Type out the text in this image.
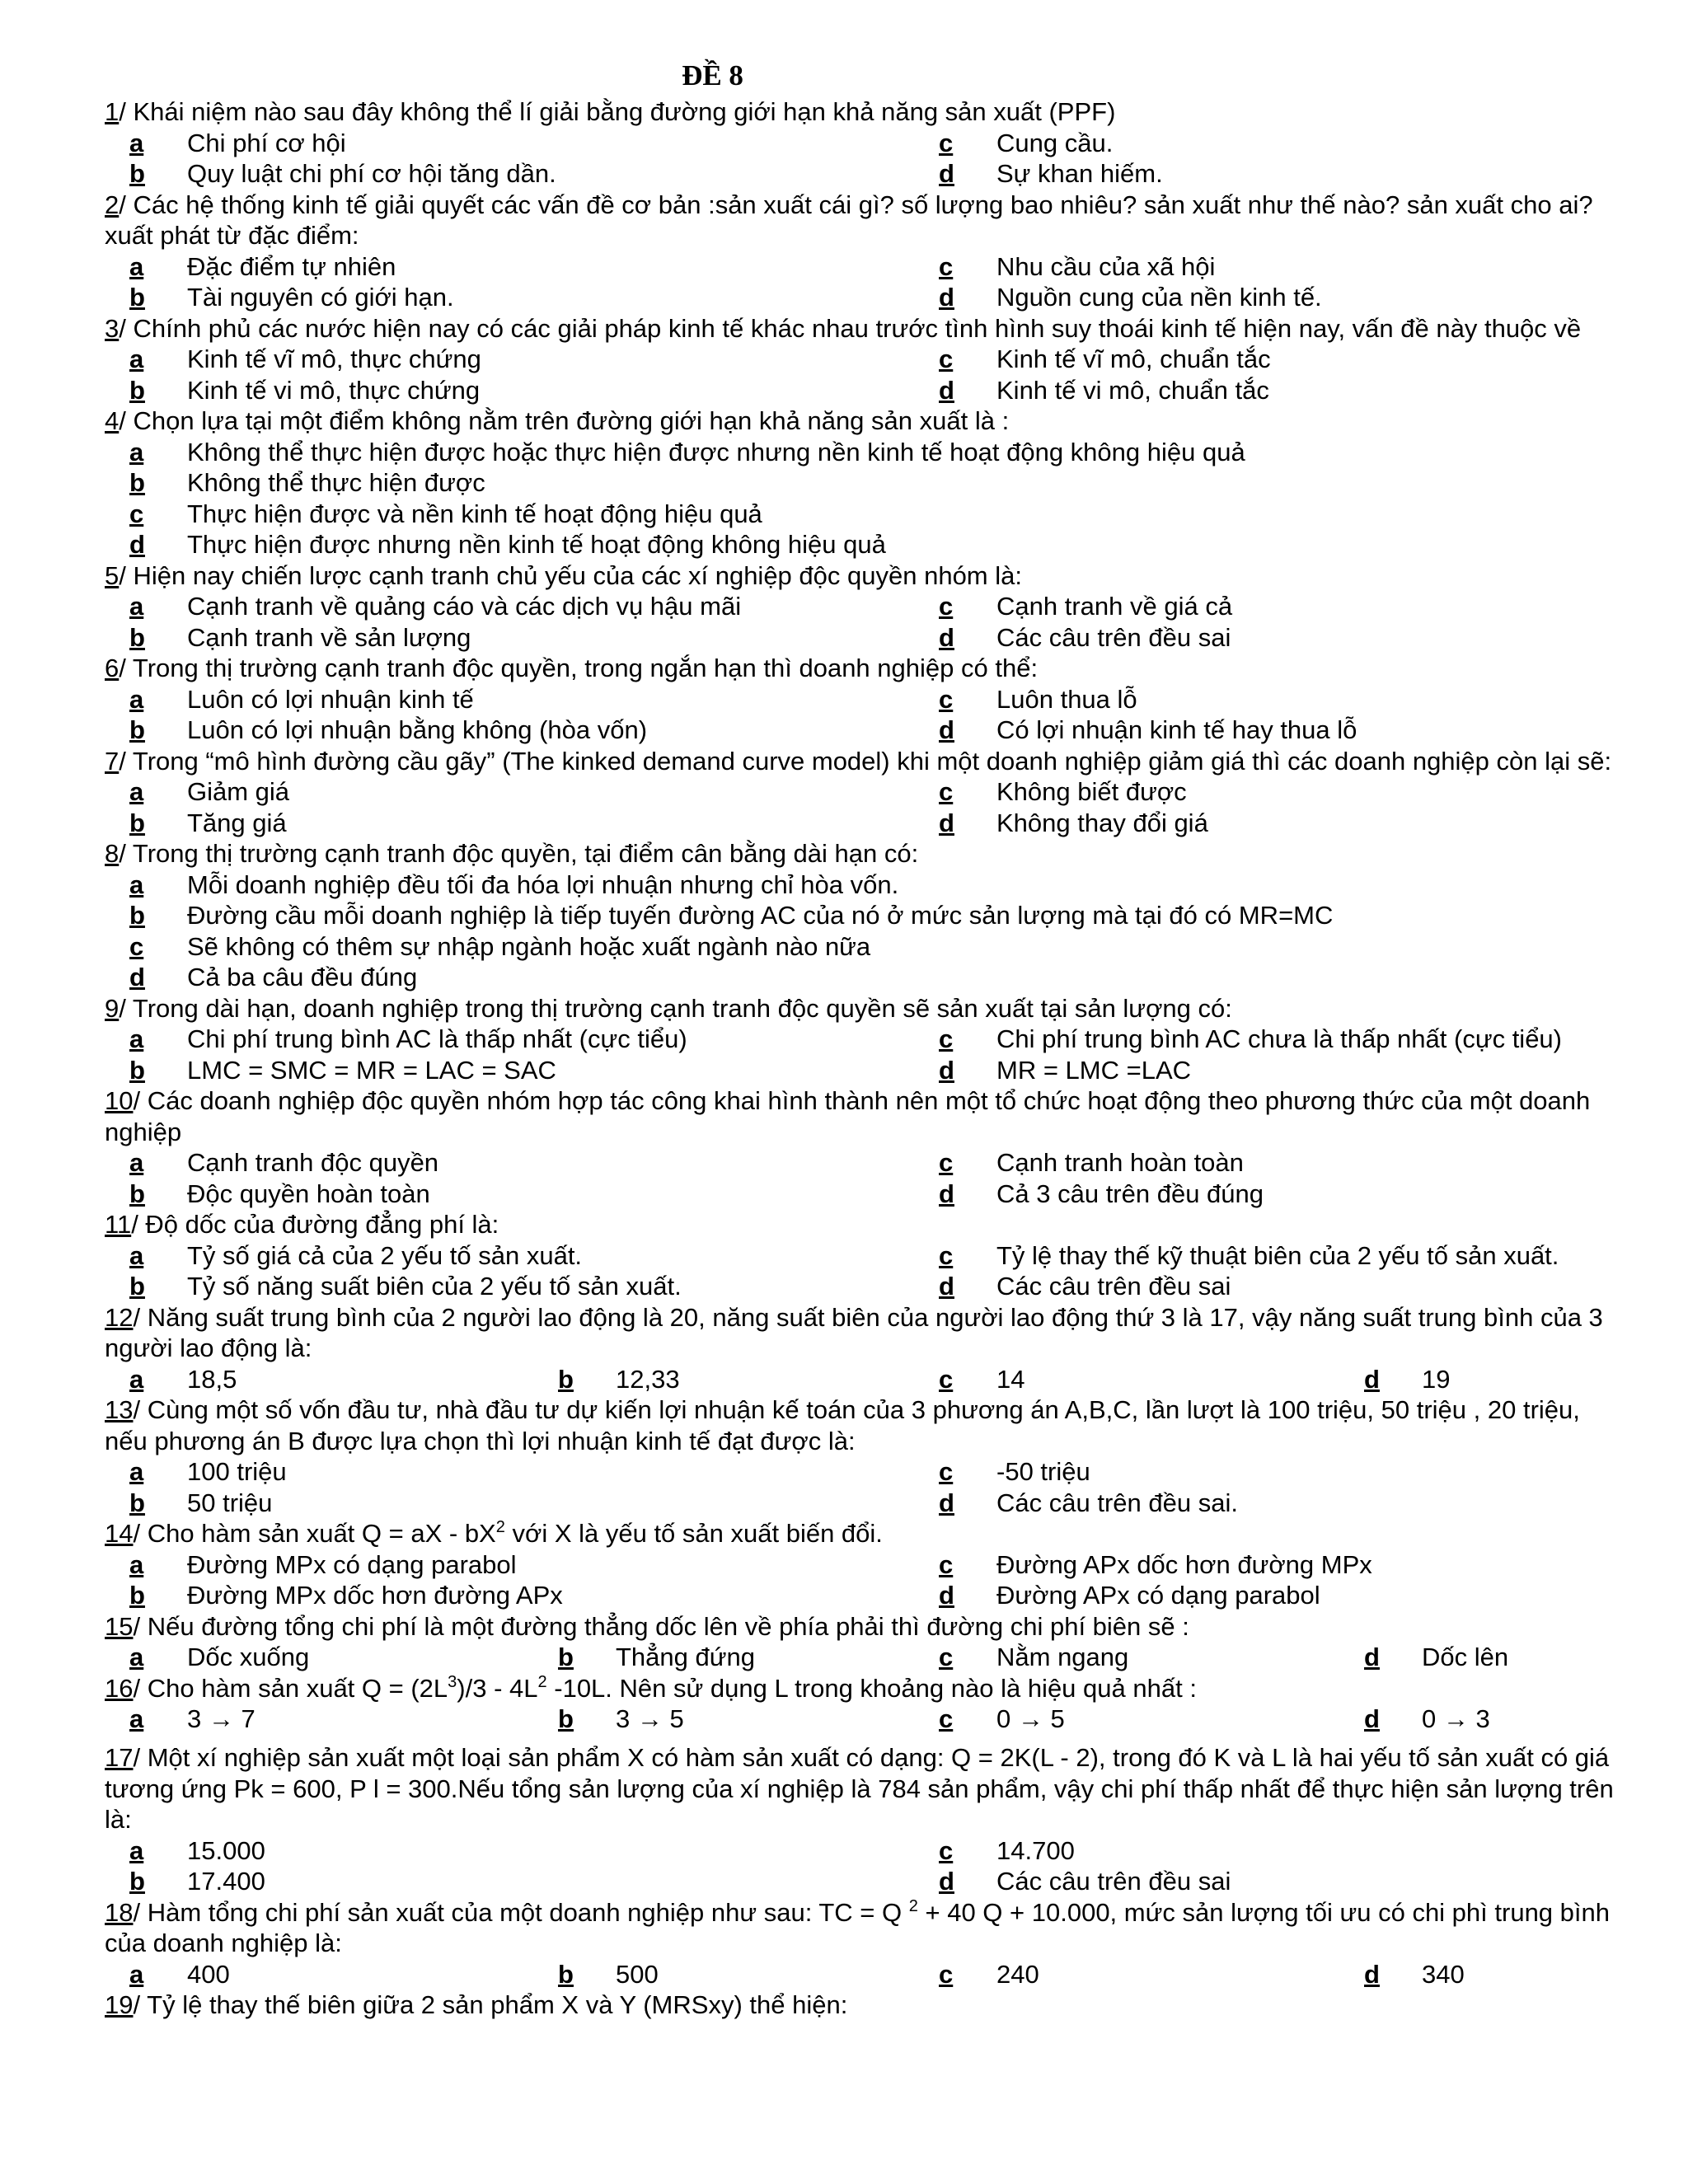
ĐỀ 8

1/ Khái niệm nào sau đây không thể lí giải bằng đường giới hạn khả năng sản xuất (PPF)

a Chi phí cơ hội	c Cung cầu.
b Quy luật chi phí cơ hội tăng dần.	d Sự khan hiếm.

2/ Các hệ thống kinh tế giải quyết các vấn đề cơ bản :sản xuất cái gì? số lượng bao nhiêu? sản xuất như thế nào? sản xuất cho ai? xuất phát từ đặc điểm:

a Đặc điểm tự nhiên	c Nhu cầu của xã hội
b Tài nguyên có giới hạn.	d Nguồn cung của nền kinh tế.

3/ Chính phủ các nước hiện nay có các giải pháp kinh tế khác nhau trước tình hình suy thoái kinh tế hiện nay, vấn đề này thuộc về

a Kinh tế vĩ mô, thực chứng	c Kinh tế vĩ mô, chuẩn tắc
b Kinh tế vi mô, thực chứng	d Kinh tế vi mô, chuẩn tắc

4/ Chọn lựa tại một điểm không nằm trên đường giới hạn khả năng sản xuất là :

a Không thể thực hiện được hoặc thực hiện được nhưng nền kinh tế hoạt động không hiệu quả
b Không thể thực hiện được
c Thực hiện được và nền kinh tế hoạt động hiệu quả
d Thực hiện được nhưng nền kinh tế hoạt động không hiệu quả

5/ Hiện nay chiến lược cạnh tranh chủ yếu của các xí nghiệp độc quyền nhóm là:

a Cạnh tranh về quảng cáo và các dịch vụ hậu mãi	c Cạnh tranh về giá cả
b Cạnh tranh về sản lượng	d Các câu trên đều sai

6/ Trong thị trường cạnh tranh độc quyền, trong ngắn hạn thì doanh nghiệp có thể:

a Luôn có lợi nhuận kinh tế	c Luôn thua lỗ
b Luôn có lợi nhuận bằng không (hòa vốn)	d Có lợi nhuận kinh tế hay thua lỗ

7/ Trong “mô hình đường cầu gãy” (The kinked demand curve model) khi một doanh nghiệp giảm giá thì các doanh nghiệp còn lại sẽ:

a Giảm giá	c Không biết được
b Tăng giá	d Không thay đổi giá

8/ Trong thị trường cạnh tranh độc quyền, tại điểm cân bằng dài hạn có:

a Mỗi doanh nghiệp đều tối đa hóa lợi nhuận nhưng chỉ hòa vốn.
b Đường cầu mỗi doanh nghiệp là tiếp tuyến đường AC của nó ở mức sản lượng mà tại đó có MR=MC
c Sẽ không có thêm sự nhập ngành hoặc xuất ngành nào nữa
d Cả ba câu đều đúng

9/ Trong dài hạn, doanh nghiệp trong thị trường cạnh tranh độc quyền sẽ sản xuất tại sản lượng có:

a Chi phí trung bình AC là thấp nhất (cực tiểu)	c Chi phí trung bình AC chưa là thấp nhất (cực tiểu)
b LMC = SMC = MR = LAC = SAC	d MR = LMC =LAC

10/ Các doanh nghiệp độc quyền nhóm hợp tác công khai hình thành nên một tổ chức hoạt động theo phương thức của một doanh nghiệp

a Cạnh tranh độc quyền	c Cạnh tranh hoàn toàn
b Độc quyền hoàn toàn	d Cả 3 câu trên đều đúng

11/ Độ dốc của đường đẳng phí là:

a Tỷ số giá cả của 2 yếu tố sản xuất.	c Tỷ lệ thay thế kỹ thuật biên của 2 yếu tố sản xuất.
b Tỷ số năng suất biên của 2 yếu tố sản xuất.	d Các câu trên đều sai

12/ Năng suất trung bình của 2 người lao động là 20, năng suất biên của người lao động thứ 3 là 17, vậy năng suất trung bình của 3 người lao động là:

a 18,5	b 12,33	c 14	d 19

13/ Cùng một số vốn đầu tư, nhà đầu tư dự kiến lợi nhuận kế toán của 3 phương án A,B,C, lần lượt là 100 triệu, 50 triệu , 20 triệu, nếu phương án B được lựa chọn thì lợi nhuận kinh tế đạt được là:

a 100 triệu	c -50 triệu
b 50 triệu	d Các câu trên đều sai.

14/ Cho hàm sản xuất Q = aX - $bX^2$ với X là yếu tố sản xuất biến đổi.

a Đường MPx có dạng parabol	c Đường APx dốc hơn đường MPx
b Đường MPx dốc hơn đường APx	d Đường APx có dạng parabol

15/ Nếu đường tổng chi phí là một đường thẳng dốc lên về phía phải thì đường chi phí biên sẽ :

a Dốc xuống	b Thẳng đứng	c Nằm ngang	d Dốc lên

16/ Cho hàm sản xuất $Q = (2L^3)/3 - 4L^2$ -10L. Nên sử dụng L trong khoảng nào là hiệu quả nhất :

a 3 → 7	b 3 → 5	c 0 → 5	d 0 → 3

17/ Một xí nghiệp sản xuất một loại sản phẩm X có hàm sản xuất có dạng: Q = 2K(L - 2), trong đó K và L là hai yếu tố sản xuất có giá tương ứng Pk = 600, P l = 300.Nếu tổng sản lượng của xí nghiệp là 784 sản phẩm, vậy chi phí thấp nhất để thực hiện sản lượng trên là:

a 15.000	c 14.700
b 17.400	d Các câu trên đều sai

18/ Hàm tổng chi phí sản xuất của một doanh nghiệp như sau: TC = Q $^2$ + 40 Q + 10.000, mức sản lượng tối ưu có chi phì trung bình của doanh nghiệp là:

a 400	b 500	c 240	d 340

19/ Tỷ lệ thay thế biên giữa 2 sản phẩm X và Y (MRSxy) thể hiện:
